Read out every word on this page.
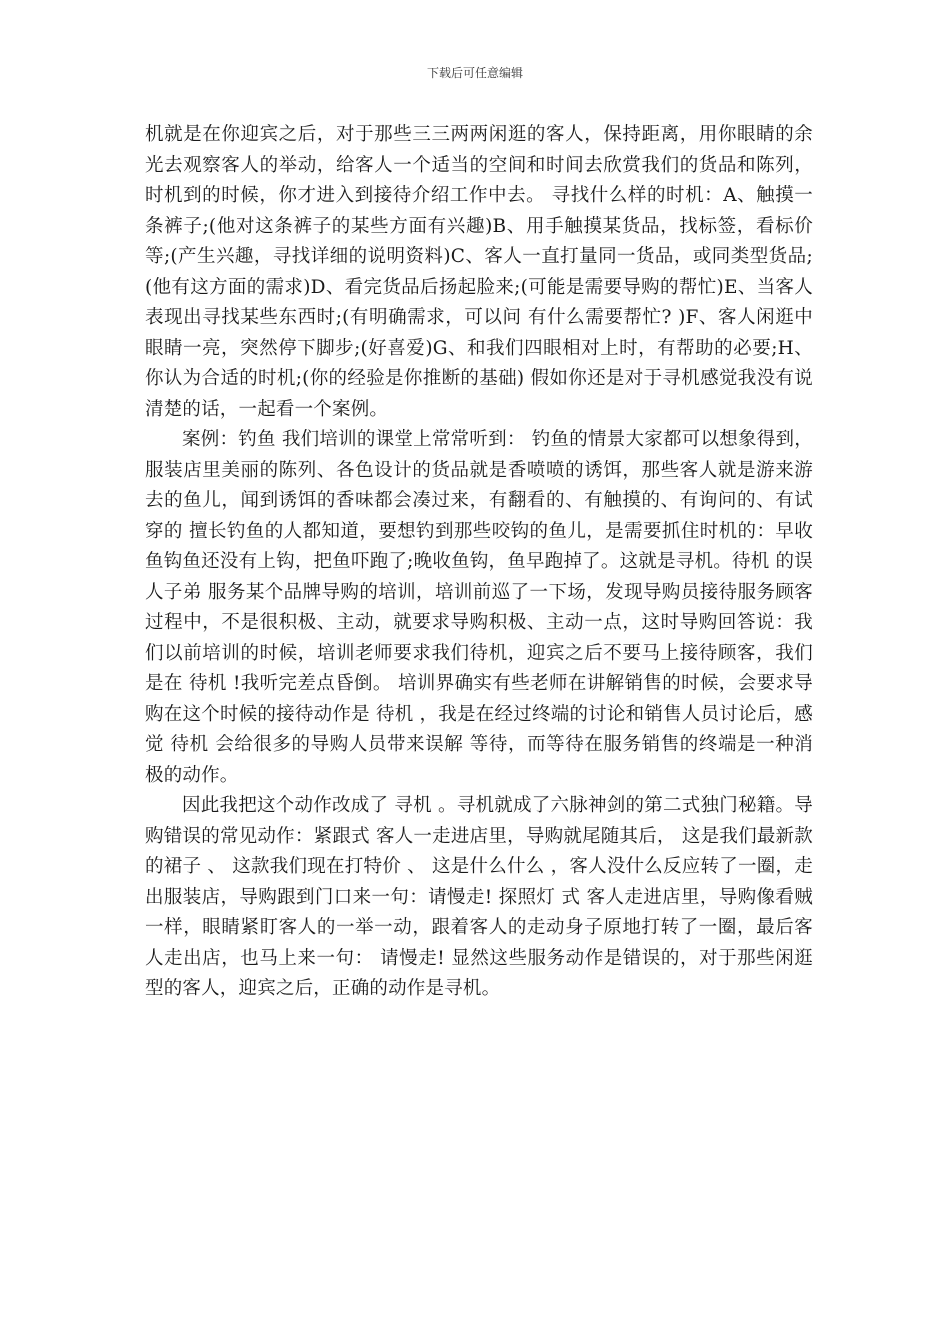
下载后可任意编辑

机就是在你迎宾之后，对于那些三三两两闲逛的客人，保持距离，用你眼睛的余光去观察客人的举动，给客人一个适当的空间和时间去欣赏我们的货品和陈列，时机到的时候，你才进入到接待介绍工作中去。 寻找什么样的时机：A、触摸一条裤子;(他对这条裤子的某些方面有兴趣)B、用手触摸某货品，找标签，看标价等;(产生兴趣，寻找详细的说明资料)C、客人一直打量同一货品，或同类型货品;(他有这方面的需求)D、看完货品后扬起脸来;(可能是需要导购的帮忙)E、当客人表现出寻找某些东西时;(有明确需求，可以问 有什么需要帮忙? )F、客人闲逛中眼睛一亮，突然停下脚步;(好喜爱)G、和我们四眼相对上时，有帮助的必要;H、你认为合适的时机;(你的经验是你推断的基础) 假如你还是对于寻机感觉我没有说清楚的话，一起看一个案例。

案例：钓鱼 我们培训的课堂上常常听到： 钓鱼的情景大家都可以想象得到，服装店里美丽的陈列、各色设计的货品就是香喷喷的诱饵，那些客人就是游来游去的鱼儿，闻到诱饵的香味都会凑过来，有翻看的、有触摸的、有询问的、有试穿的 擅长钓鱼的人都知道，要想钓到那些咬钩的鱼儿，是需要抓住时机的：早收鱼钩鱼还没有上钩，把鱼吓跑了;晚收鱼钩，鱼早跑掉了。这就是寻机。待机 的误人子弟 服务某个品牌导购的培训，培训前巡了一下场，发现导购员接待服务顾客过程中，不是很积极、主动，就要求导购积极、主动一点，这时导购回答说：我们以前培训的时候，培训老师要求我们待机，迎宾之后不要马上接待顾客，我们是在 待机 !我听完差点昏倒。 培训界确实有些老师在讲解销售的时候，会要求导购在这个时候的接待动作是 待机 ，我是在经过终端的讨论和销售人员讨论后，感觉 待机 会给很多的导购人员带来误解 等待，而等待在服务销售的终端是一种消极的动作。

因此我把这个动作改成了 寻机 。寻机就成了六脉神剑的第二式独门秘籍。导购错误的常见动作：紧跟式 客人一走进店里，导购就尾随其后， 这是我们最新款的裙子 、 这款我们现在打特价 、 这是什么什么 ，客人没什么反应转了一圈，走出服装店，导购跟到门口来一句：请慢走! 探照灯 式 客人走进店里，导购像看贼一样，眼睛紧盯客人的一举一动，跟着客人的走动身子原地打转了一圈，最后客人走出店，也马上来一句： 请慢走! 显然这些服务动作是错误的，对于那些闲逛型的客人，迎宾之后，正确的动作是寻机。
